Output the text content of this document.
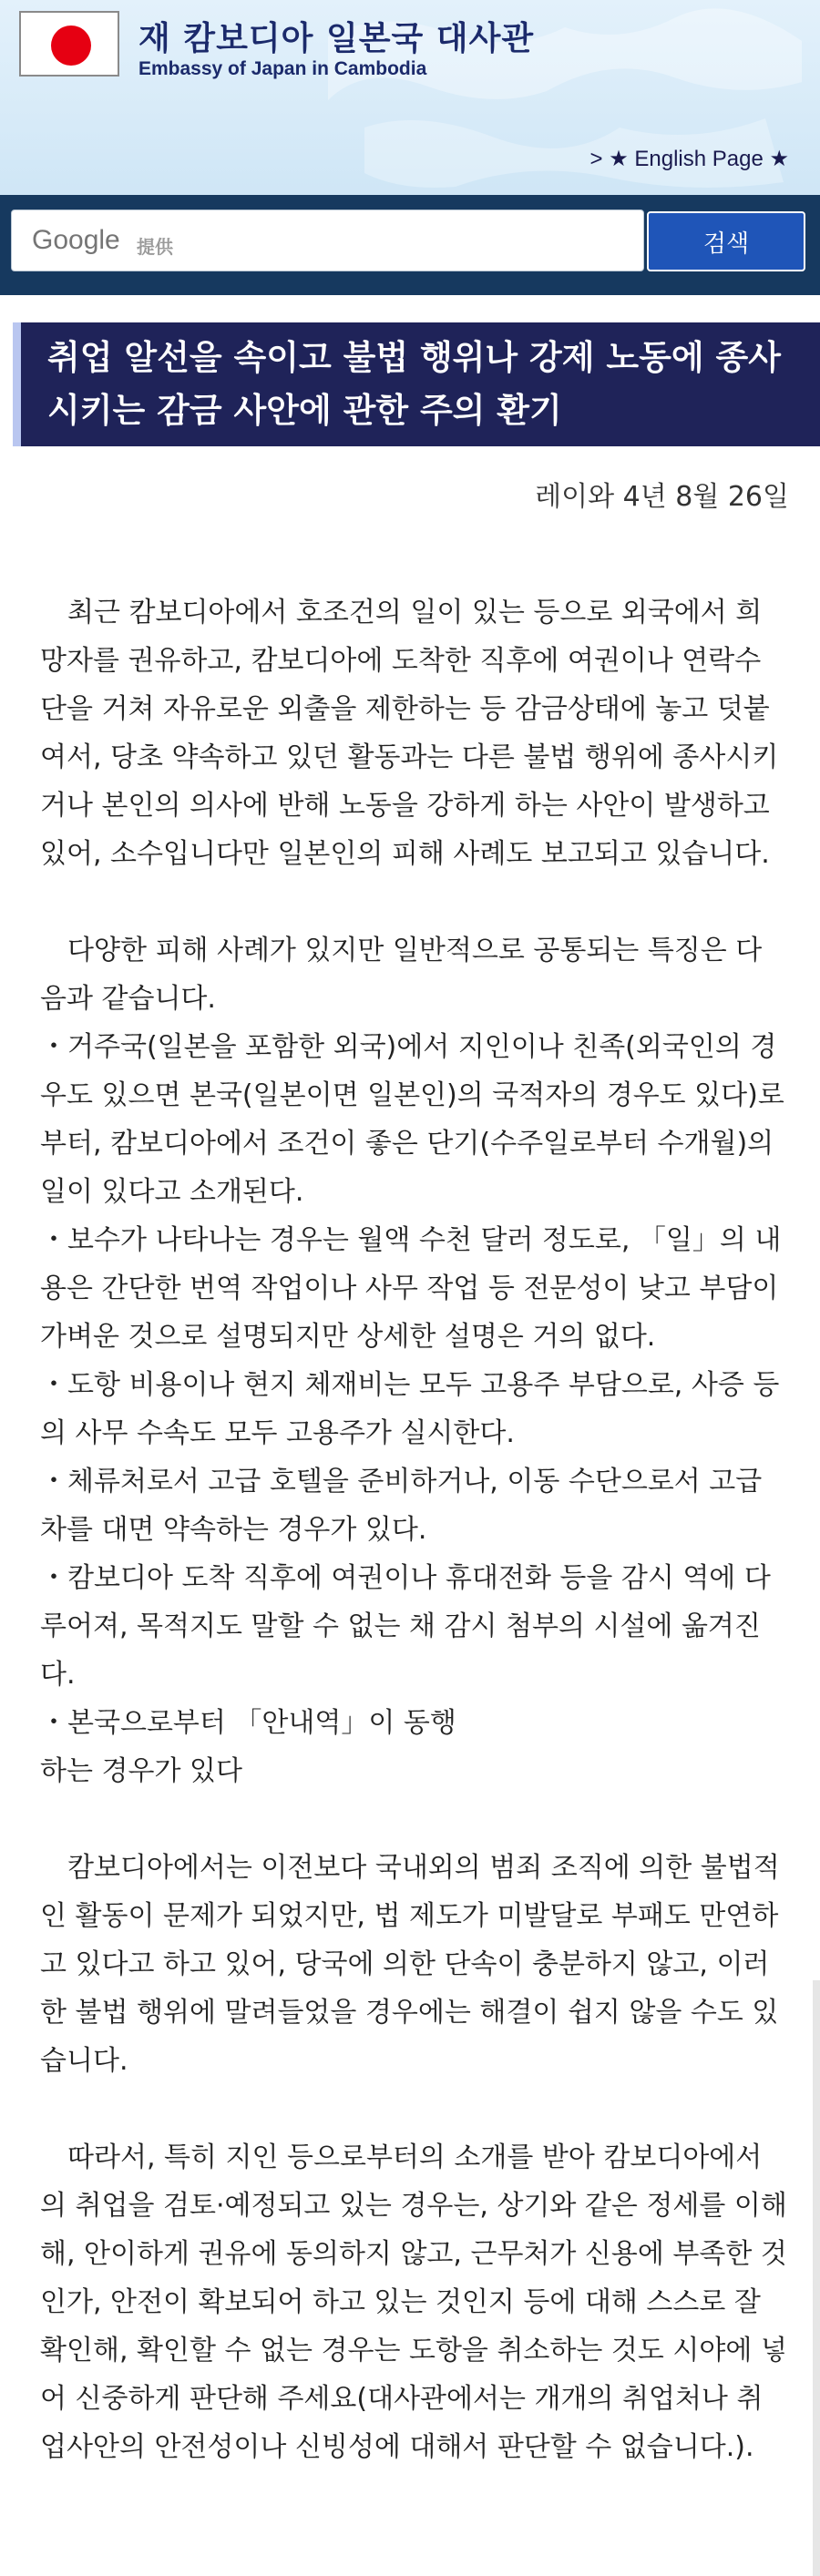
재 캄보디아 일본국 대사관
Embassy of Japan in Cambodia
> ★ English Page ★
Google 提供	검색
취업 알선을 속이고 불법 행위나 강제 노동에 종사시키는 감금 사안에 관한 주의 환기
레이와 4년 8월 26일

최근 캄보디아에서 호조건의 일이 있는 등으로 외국에서 희망자를 권유하고, 캄보디아에 도착한 직후에 여권이나 연락수단을 거쳐 자유로운 외출을 제한하는 등 감금상태에 놓고 덧붙여서, 당초 약속하고 있던 활동과는 다른 불법 행위에 종사시키거나 본인의 의사에 반해 노동을 강하게 하는 사안이 발생하고 있어, 소수입니다만 일본인의 피해 사례도 보고되고 있습니다.

다양한 피해 사례가 있지만 일반적으로 공통되는 특징은 다음과 같습니다.

・거주국(일본을 포함한 외국)에서 지인이나 친족(외국인의 경우도 있으면 본국(일본이면 일본인)의 국적자의 경우도 있다)로부터, 캄보디아에서 조건이 좋은 단기(수주일로부터 수개월)의 일이 있다고 소개된다.

・보수가 나타나는 경우는 월액 수천 달러 정도로, 「일」의 내용은 간단한 번역 작업이나 사무 작업 등 전문성이 낮고 부담이 가벼운 것으로 설명되지만 상세한 설명은 거의 없다.

・도항 비용이나 현지 체재비는 모두 고용주 부담으로, 사증 등의 사무 수속도 모두 고용주가 실시한다.

・체류처로서 고급 호텔을 준비하거나, 이동 수단으로서 고급차를 대면 약속하는 경우가 있다.

・캄보디아 도착 직후에 여권이나 휴대전화 등을 감시 역에 다루어져, 목적지도 말할 수 없는 채 감시 첨부의 시설에 옮겨진다.

・본국으로부터 「안내역」이 동행

하는 경우가 있다

캄보디아에서는 이전보다 국내외의 범죄 조직에 의한 불법적인 활동이 문제가 되었지만, 법 제도가 미발달로 부패도 만연하고 있다고 하고 있어, 당국에 의한 단속이 충분하지 않고, 이러한 불법 행위에 말려들었을 경우에는 해결이 쉽지 않을 수도 있습니다.

따라서, 특히 지인 등으로부터의 소개를 받아 캄보디아에서의 취업을 검토·예정되고 있는 경우는, 상기와 같은 정세를 이해해, 안이하게 권유에 동의하지 않고, 근무처가 신용에 부족한 것인가, 안전이 확보되어 하고 있는 것인지 등에 대해 스스로 잘 확인해, 확인할 수 없는 경우는 도항을 취소하는 것도 시야에 넣어 신중하게 판단해 주세요(대사관에서는 개개의 취업처나 취업사안의 안전성이나 신빙성에 대해서 판단할 수 없습니다.).
